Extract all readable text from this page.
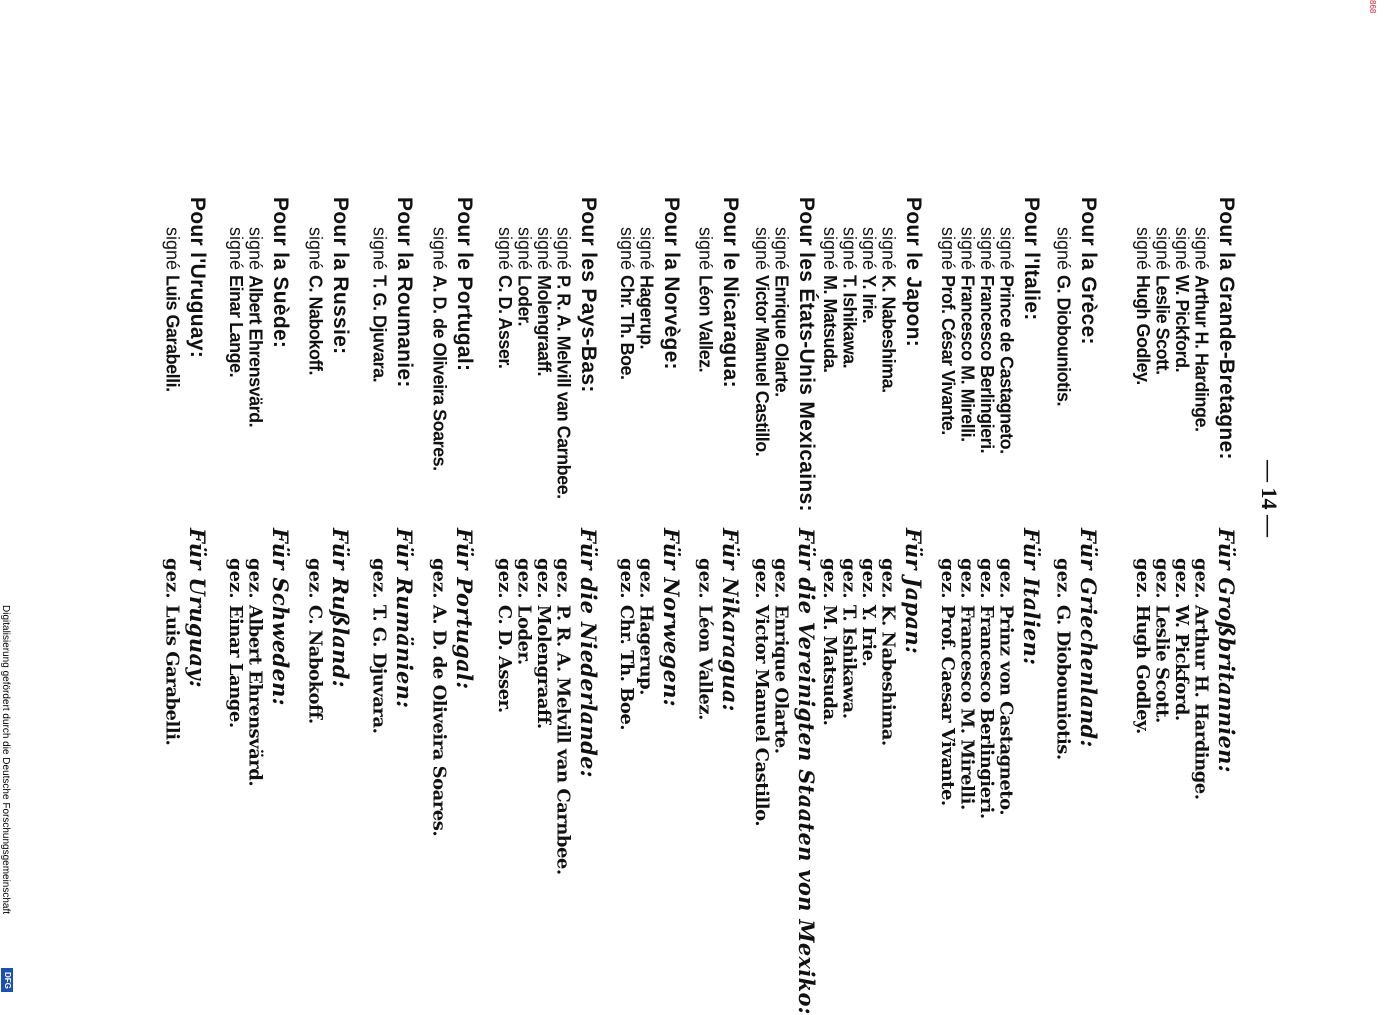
868
— 14 —
Digitalisierung gefördert durch die Deutsche Forschungsgemeinschaft
DFG
Pour la Grande-Bretagne:
signé Arthur H. Hardinge.
signé W. Pickford.
signé Leslie Scott.
signé Hugh Godley.
Pour la Grèce:
signé G. Diobouniotis.
Pour l'Italie:
signé Prince de Castagneto.
signé Francesco Berlingieri.
signé Francesco M. Mirelli.
signé Prof. César Vivante.
Pour le Japon:
signé K. Nabeshima.
signé Y. Irie.
signé T. Ishikawa.
signé M. Matsuda.
Pour les États-Unis Mexicains:
signé Enrique Olarte.
signé Victor Manuel Castillo.
Pour le Nicaragua:
signé Léon Vallez.
Pour la Norvège:
signé Hagerup.
signé Chr. Th. Boe.
Pour les Pays-Bas:
signé P. R. A. Melvill van Carnbee.
signé Molengraaff.
signé Loder.
signé C. D. Asser.
Pour le Portugal:
signé A. D. de Oliveira Soares.
Pour la Roumanie:
signé T. G. Djuvara.
Pour la Russie:
signé C. Nabokoff.
Pour la Suède:
signé Albert Ehrensvärd.
signé Einar Lange.
Pour l'Uruguay:
signé Luis Garabelli.
Für Großbritannien:
gez. Arthur H. Hardinge.
gez. W. Pickford.
gez. Leslie Scott.
gez. Hugh Godley.
Für Griechenland:
gez. G. Diobouniotis.
Für Italien:
gez. Prinz von Castagneto.
gez. Francesco Berlingieri.
gez. Francesco M. Mirelli.
gez. Prof. Caesar Vivante.
Für Japan:
gez. K. Nabeshima.
gez. Y. Irie.
gez. T. Ishikawa.
gez. M. Matsuda.
Für die Vereinigten Staaten von Mexiko:
gez. Enrique Olarte.
gez. Victor Manuel Castillo.
Für Nikaragua:
gez. Léon Vallez.
Für Norwegen:
gez. Hagerup.
gez. Chr. Th. Boe.
Für die Niederlande:
gez. P. R. A. Melvill van Carnbee.
gez. Molengraaff.
gez. Loder.
gez. C. D. Asser.
Für Portugal:
gez. A. D. de Oliveira Soares.
Für Rumänien:
gez. T. G. Djuvara.
Für Rußland:
gez. C. Nabokoff.
Für Schweden:
gez. Albert Ehrensvärd.
gez. Einar Lange.
Für Uruguay:
gez. Luis Garabelli.
